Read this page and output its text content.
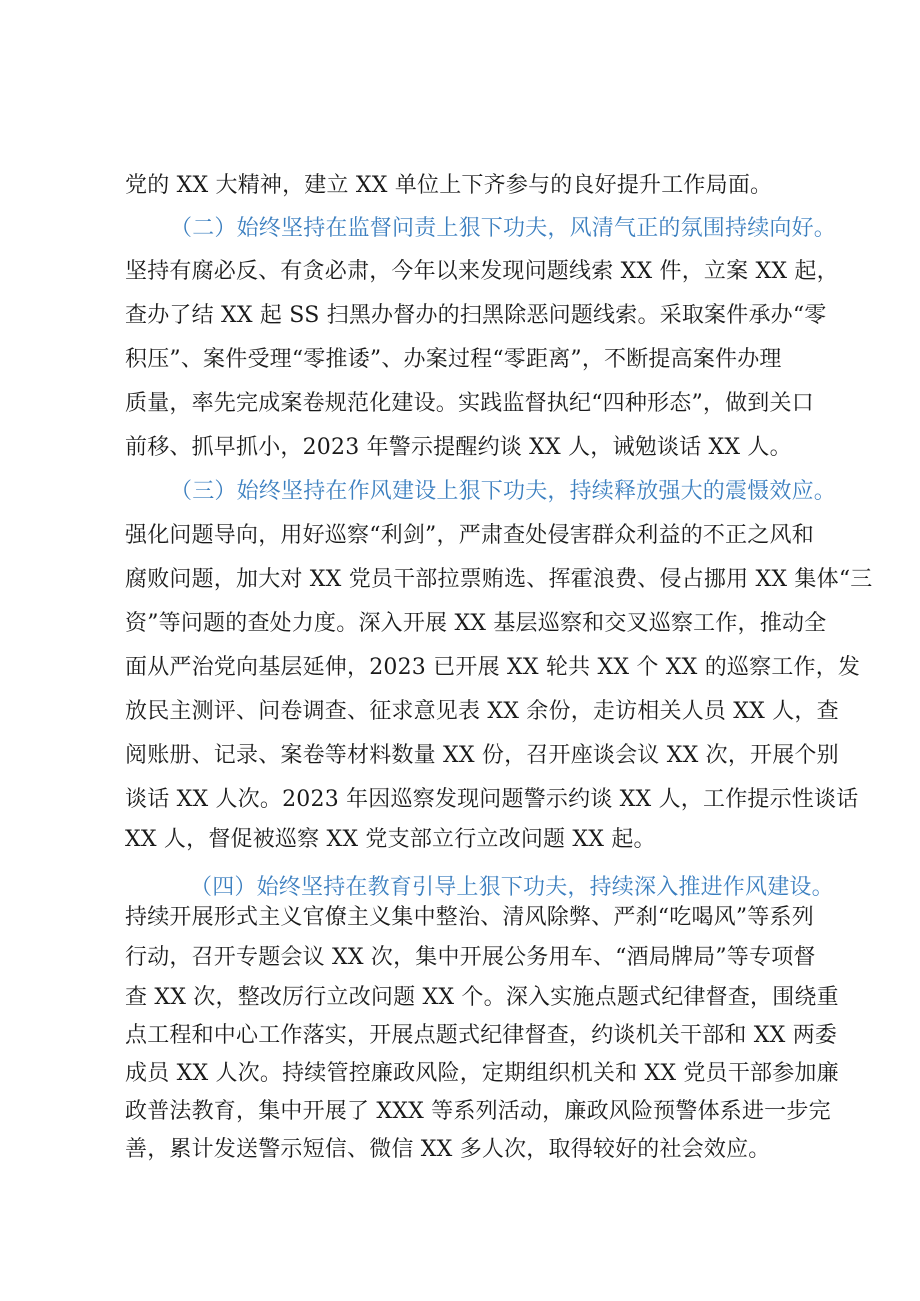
党的 XX 大精神，建立 XX 单位上下齐参与的良好提升工作局面。
（二）始终坚持在监督问责上狠下功夫，风清气正的氛围持续向好。
坚持有腐必反、有贪必肃，今年以来发现问题线索 XX 件，立案 XX 起，
查办了结 XX 起 SS 扫黑办督办的扫黑除恶问题线索。采取案件承办“零
积压”、案件受理“零推诿”、办案过程“零距离”，不断提高案件办理
质量，率先完成案卷规范化建设。实践监督执纪“四种形态”，做到关口
前移、抓早抓小，2023 年警示提醒约谈 XX 人，诫勉谈话 XX 人。
（三）始终坚持在作风建设上狠下功夫，持续释放强大的震慑效应。
强化问题导向，用好巡察“利剑”，严肃查处侵害群众利益的不正之风和
腐败问题，加大对 XX 党员干部拉票贿选、挥霍浪费、侵占挪用 XX 集体“三
资”等问题的查处力度。深入开展 XX 基层巡察和交叉巡察工作，推动全
面从严治党向基层延伸，2023 已开展 XX 轮共 XX 个 XX 的巡察工作，发
放民主测评、问卷调查、征求意见表 XX 余份，走访相关人员 XX 人，查
阅账册、记录、案卷等材料数量 XX 份，召开座谈会议 XX 次，开展个别
谈话 XX 人次。2023 年因巡察发现问题警示约谈 XX 人，工作提示性谈话
XX 人，督促被巡察 XX 党支部立行立改问题 XX 起。
（四）始终坚持在教育引导上狠下功夫，持续深入推进作风建设。
持续开展形式主义官僚主义集中整治、清风除弊、严刹“吃喝风”等系列
行动，召开专题会议 XX 次，集中开展公务用车、“酒局牌局”等专项督
查 XX 次，整改厉行立改问题 XX 个。深入实施点题式纪律督查，围绕重
点工程和中心工作落实，开展点题式纪律督查，约谈机关干部和 XX 两委
成员 XX 人次。持续管控廉政风险，定期组织机关和 XX 党员干部参加廉
政普法教育，集中开展了 XXX 等系列活动，廉政风险预警体系进一步完
善，累计发送警示短信、微信 XX 多人次，取得较好的社会效应。
